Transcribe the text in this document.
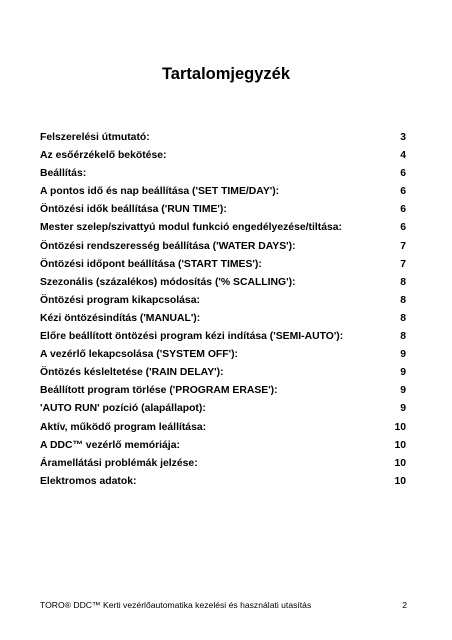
Tartalomjegyzék
Felszerelési útmutató:	3
Az esőérzékelő bekötése:	4
Beállítás:	6
A pontos idő és nap beállítása ('SET TIME/DAY'):	6
Öntözési idők beállítása ('RUN TIME'):	6
Mester szelep/szivattyú modul funkció engedélyezése/tiltása:	6
Öntözési rendszeresség beállítása ('WATER DAYS'):	7
Öntözési időpont beállítása ('START TIMES'):	7
Szezonális (százalékos) módosítás ('% SCALLING'):	8
Öntözési program kikapcsolása:	8
Kézi öntözésindítás ('MANUAL'):	8
Előre beállított öntözési program kézi indítása ('SEMI-AUTO'):	8
A vezérlő lekapcsolása ('SYSTEM OFF'):	9
Öntözés késleltetése ('RAIN DELAY'):	9
Beállított program törlése ('PROGRAM ERASE'):	9
'AUTO RUN' pozíció (alapállapot):	9
Aktív, működő program leállítása:	10
A DDC™ vezérlő memóriája:	10
Áramellátási problémák jelzése:	10
Elektromos adatok:	10
TORO® DDC™ Kerti vezérlőautomatika kezelési és használati utasítás	2
